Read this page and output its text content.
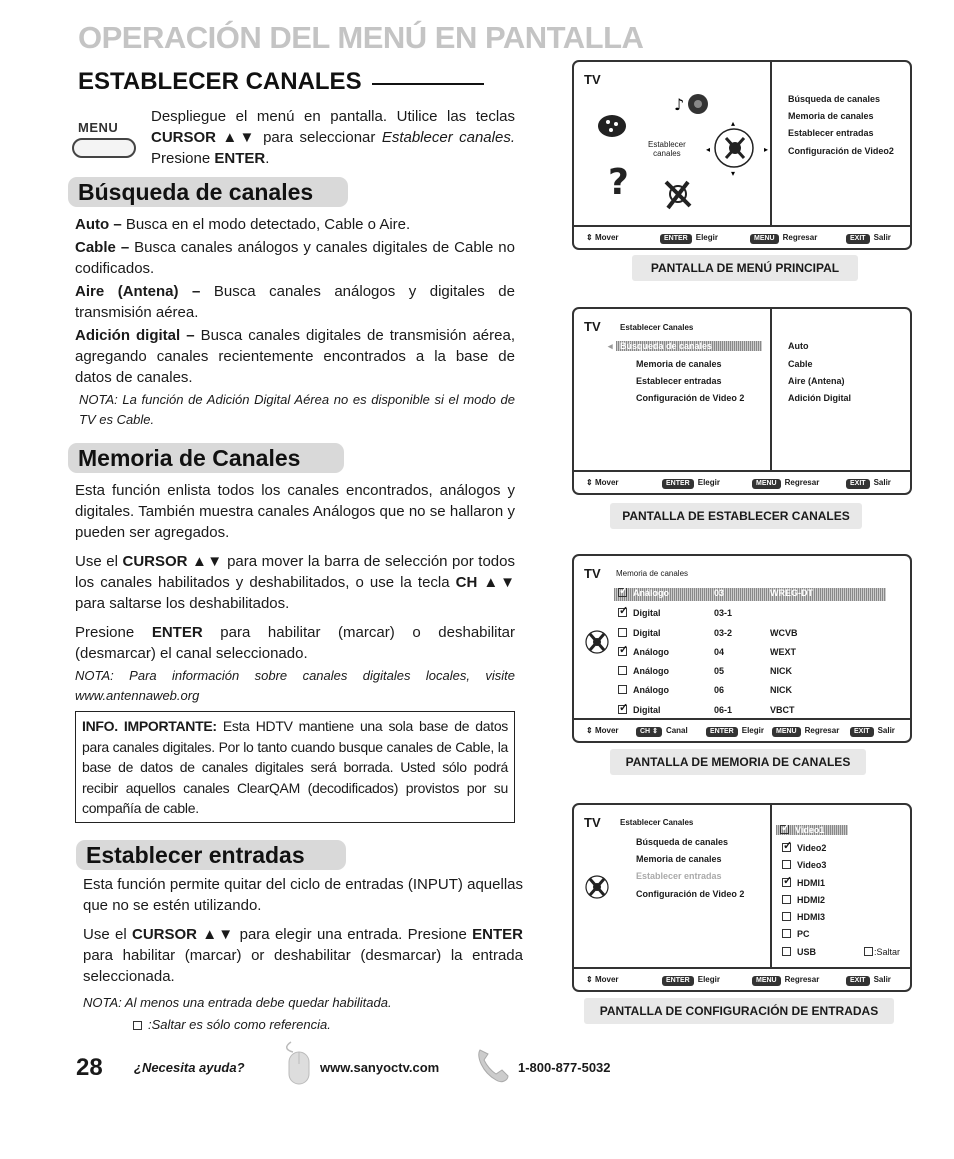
OPERACIÓN DEL MENÚ EN PANTALLA
ESTABLECER CANALES
MENU
Despliegue el menú en pantalla. Utilice las teclas CURSOR ▲▼ para seleccionar Establecer canales. Presione ENTER.
Búsqueda de canales

Auto – Busca en el modo detectado, Cable o Aire.

Cable – Busca canales análogos y canales digitales de Cable no codificados.

Aire (Antena) – Busca canales análogos y digitales de transmisión aérea.

Adición digital – Busca canales digitales de transmisión aérea, agregando canales recientemente encontrados a la base de datos de canales.

NOTA: La función de Adición Digital Aérea no es disponible si el modo de TV es Cable.

Memoria de Canales

Esta función enlista todos los canales encontrados, análogos y digitales. También muestra canales Análogos que no se hallaron y pueden ser agregados.

Use el CURSOR ▲▼ para mover la barra de selección por todos los canales habilitados y deshabilitados, o use la tecla CH ▲▼ para saltarse los deshabilitados.

Presione ENTER para habilitar (marcar) o deshabilitar (desmarcar) el canal seleccionado.

NOTA: Para información sobre canales digitales locales, visite www.antennaweb.org

INFO. IMPORTANTE: Esta HDTV mantiene una sola base de datos para canales digitales. Por lo tanto cuando busque canales de Cable, la base de datos de canales digitales será borrada. Usted sólo podrá recibir aquellos canales ClearQAM (decodificados) provistos por su compañía de cable.
Establecer entradas

Esta función permite quitar del ciclo de entradas (INPUT) aquellas que no se estén utilizando.

Use el CURSOR ▲▼ para elegir una entrada. Presione ENTER para habilitar (marcar) or deshabilitar (desmarcar) la entrada seleccionada.

NOTA: Al menos una entrada debe quedar habilitada.

:Saltar es sólo como referencia.

TV
♪
▸
▴
▾
◂
?
Establecer
canales
Búsqueda de canales
Memoria de canales
Establecer entradas
Configuración de Video2
⇕ Mover	ENTER Elegir	MENU Regresar	EXIT Salir
PANTALLA DE MENÚ PRINCIPAL
TV Establecer Canales
◂ Búsqueda de canales
Memoria de canales
Establecer entradas
Configuración de Video 2
Auto
Cable
Aire (Antena)
Adición Digital
⇕ Mover	ENTER Elegir	MENU Regresar	EXIT Salir
PANTALLA DE ESTABLECER CANALES
TV Memoria de canales
✓Análogo	03	WREG-DT
✓Digital	03-1
Digital	03-2	WCVB
✓Análogo	04	WEXT
Análogo	05	NICK
Análogo	06	NICK
✓Digital	06-1	VBCT
⇕ Mover	CH ⇕ Canal	ENTER Elegir	MENU Regresar	EXIT Salir
PANTALLA DE MEMORIA DE CANALES
TV Establecer Canales
Búsqueda de canales
Memoria de canales
Establecer entradas
Configuración de Video 2
✓Video1
✓Video2
Video3
✓HDMI1
HDMI2
HDMI3
PC
USB	:Saltar
⇕ Mover	ENTER Elegir	MENU Regresar	EXIT Salir
PANTALLA DE CONFIGURACIÓN DE ENTRADAS
28 ¿Necesita ayuda?	www.sanyoctv.com	1-800-877-5032
